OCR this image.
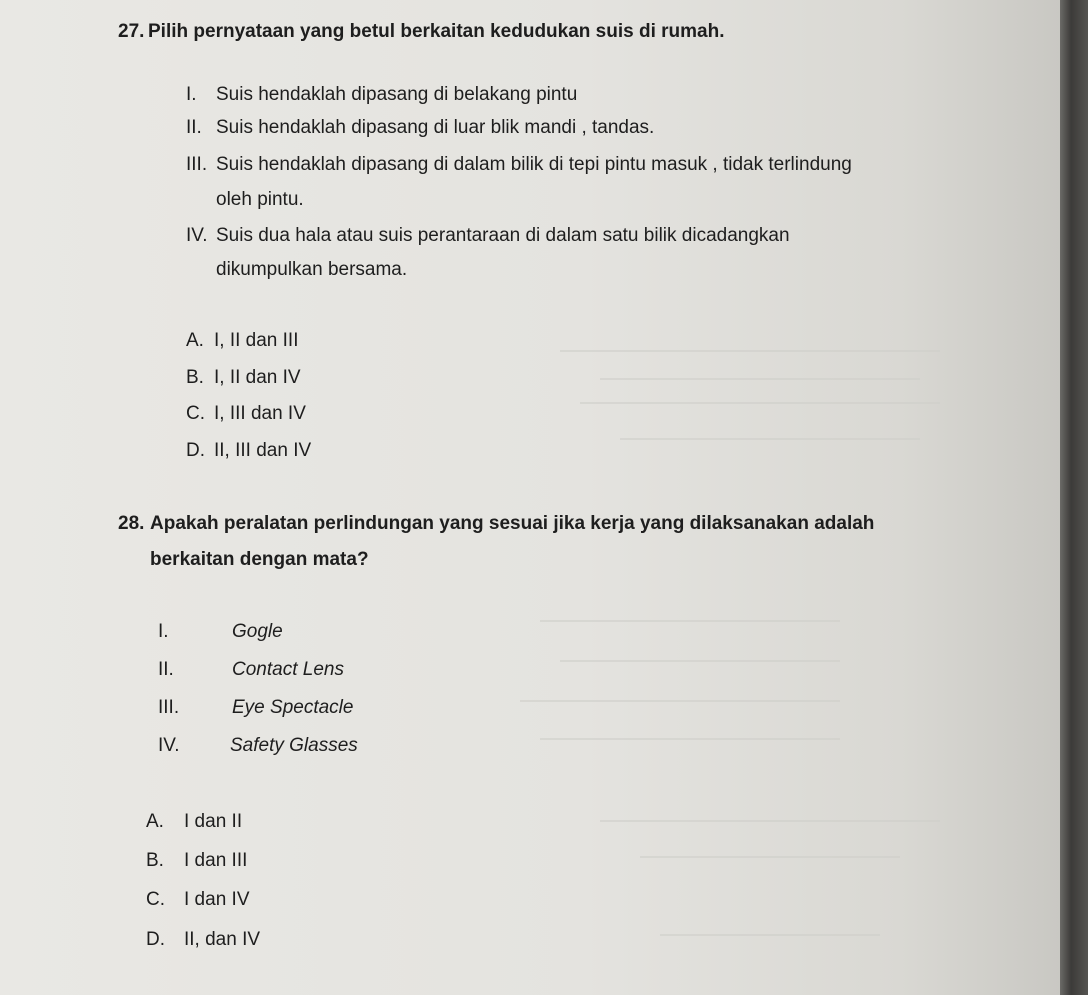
27. Pilih pernyataan yang betul berkaitan kedudukan suis di rumah.
I. Suis hendaklah dipasang di belakang pintu
II. Suis hendaklah dipasang di luar blik mandi , tandas.
III. Suis hendaklah dipasang di dalam bilik di tepi pintu masuk , tidak terlindung
oleh pintu.
IV. Suis dua hala atau suis perantaraan di dalam satu bilik dicadangkan
dikumpulkan bersama.
A. I, II dan III
B. I, II dan IV
C. I, III dan IV
D. II, III dan IV
28. Apakah peralatan perlindungan yang sesuai jika kerja yang dilaksanakan adalah
berkaitan dengan mata?
I.	Gogle
II.	Contact Lens
III.	Eye Spectacle
IV.	Safety Glasses
A. I dan II
B. I dan III
C. I dan IV
D. II, dan IV
